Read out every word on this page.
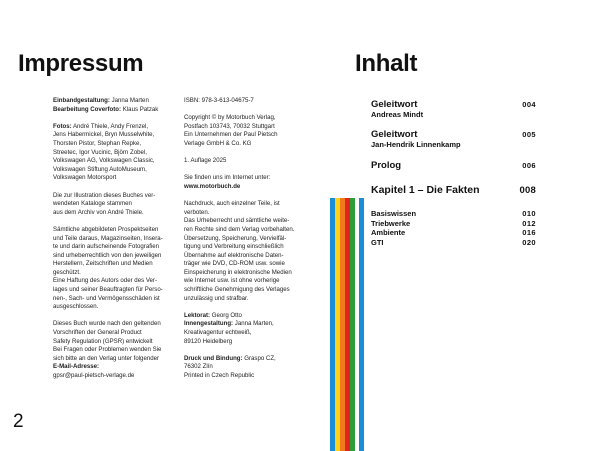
Impressum	Inhalt

Einbandgestaltung: Janna Marten
Bearbeitung Coverfoto: Klaus Patzak

Fotos: André Thiele, Andy Frenzel,
Jens Habermickel, Bryn Musselwhite,
Thorsten Pistor, Stephan Repke,
Streetec, Igor Vucinic, Björn Zobel,
Volkswagen AG, Volkswagen Classic,
Volkswagen Stiftung AutoMuseum,
Volkswagen Motorsport

Die zur Illustration dieses Buches ver-
wendeten Kataloge stammen
aus dem Archiv von André Thiele.

Sämtliche abgebildeten Prospektseiten
und Teile daraus, Magazinseiten, Inserа-
te und darin aufscheinende Fotografien
sind urheberrechtlich von den jeweiligen
Herstellern, Zeitschriften und Medien
geschützt.
Eine Haftung des Autors oder des Ver-
lages und seiner Beauftragten für Perso-
nen-, Sach- und Vermögensschäden ist
ausgeschlossen.

Dieses Buch wurde nach den geltenden
Vorschriften der General Product
Safety Regulation (GPSR) entwickelt
Bei Fragen oder Problemen wenden Sie
sich bitte an den Verlag unter folgender
E-Mail-Adresse:
gpsr@paul-pietsch-verlage.de

ISBN: 978-3-613-04675-7

Copyright © by Motorbuch Verlag,
Postfach 103743, 70032 Stuttgart
Ein Unternehmen der Paul Pietsch
Verlage GmbH & Co. KG

1. Auflage 2025

Sie finden uns im Internet unter:
www.motorbuch.de

Nachdruck, auch einzelner Teile, ist
verboten.
Das Urheberrecht und sämtliche weite-
ren Rechte sind dem Verlag vorbehalten.
Übersetzung, Speicherung, Vervielfäl-
tigung und Verbreitung einschließlich
Übernahme auf elektronische Daten-
träger wie DVD, CD-ROM usw. sowie
Einspeicherung in elektronische Medien
wie Internet usw. ist ohne vorherige
schriftliche Genehmigung des Verlages
unzulässig und strafbar.

Lektorat: Georg Otto
Innengestaltung: Janna Marten,
Kreativagentur echtweiß,
89120 Heidelberg

Druck und Bindung: Graspo CZ,
76302 Zlín
Printed in Czech Republic

2
Geleitwort	004
Andreas Mindt
Geleitwort	005
Jan-Hendrik Linnenkamp
Prolog	006
Kapitel 1 – Die Fakten	008
Basiswissen	010
Triebwerke	012
Ambiente	016
GTI	020
